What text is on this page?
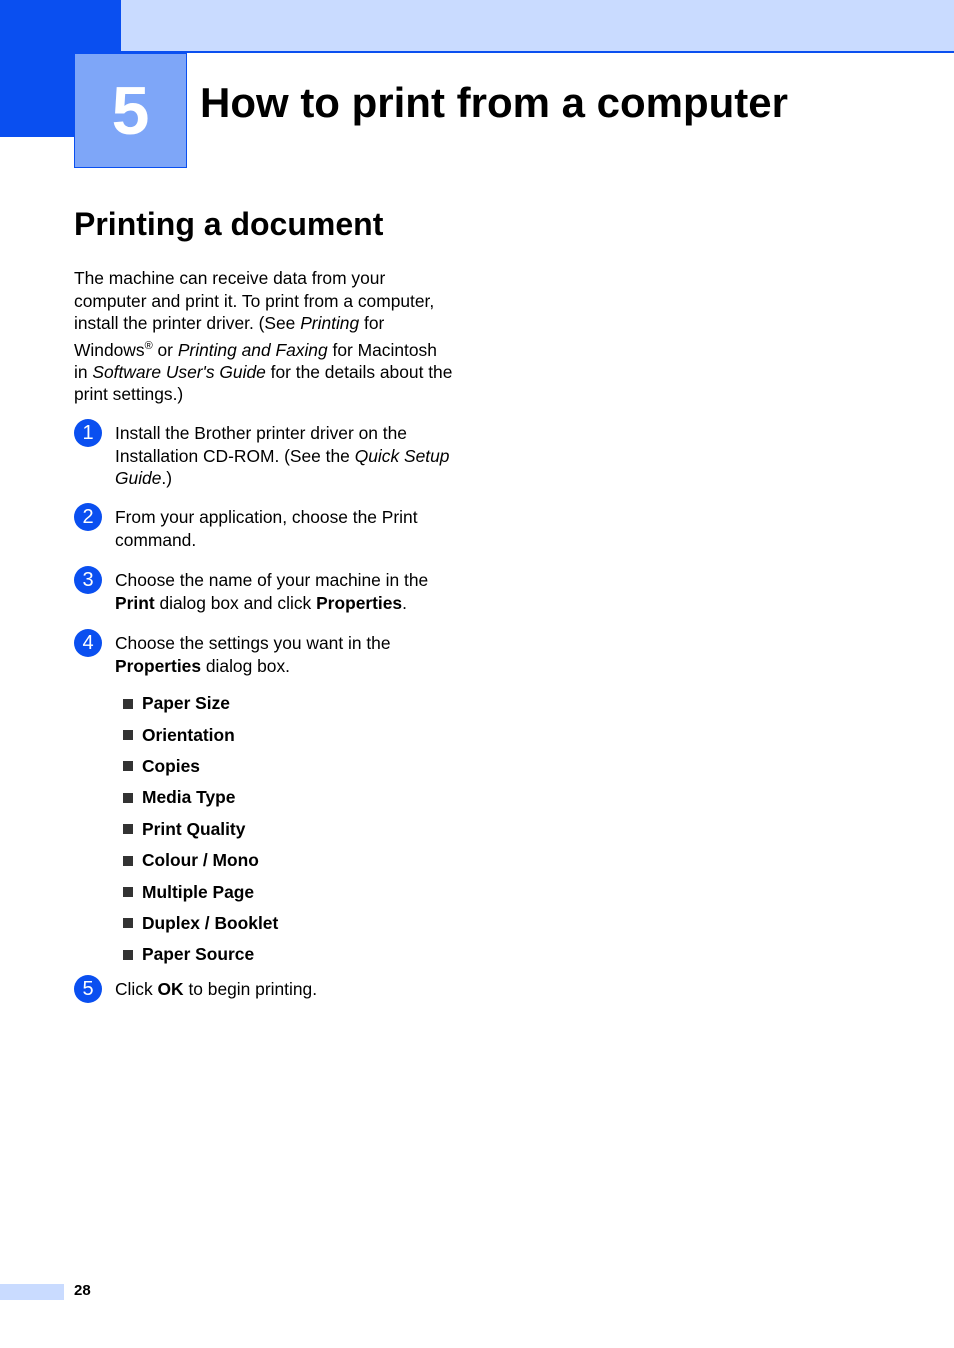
5 How to print from a computer
Printing a document
The machine can receive data from your computer and print it. To print from a computer, install the printer driver. (See Printing for Windows® or Printing and Faxing for Macintosh in Software User's Guide for the details about the print settings.)
1	Install the Brother printer driver on the Installation CD-ROM. (See the Quick Setup Guide.)
2	From your application, choose the Print command.
3	Choose the name of your machine in the Print dialog box and click Properties.
4	Choose the settings you want in the Properties dialog box.
Paper Size
Orientation
Copies
Media Type
Print Quality
Colour / Mono
Multiple Page
Duplex / Booklet
Paper Source
5	Click OK to begin printing.
28
